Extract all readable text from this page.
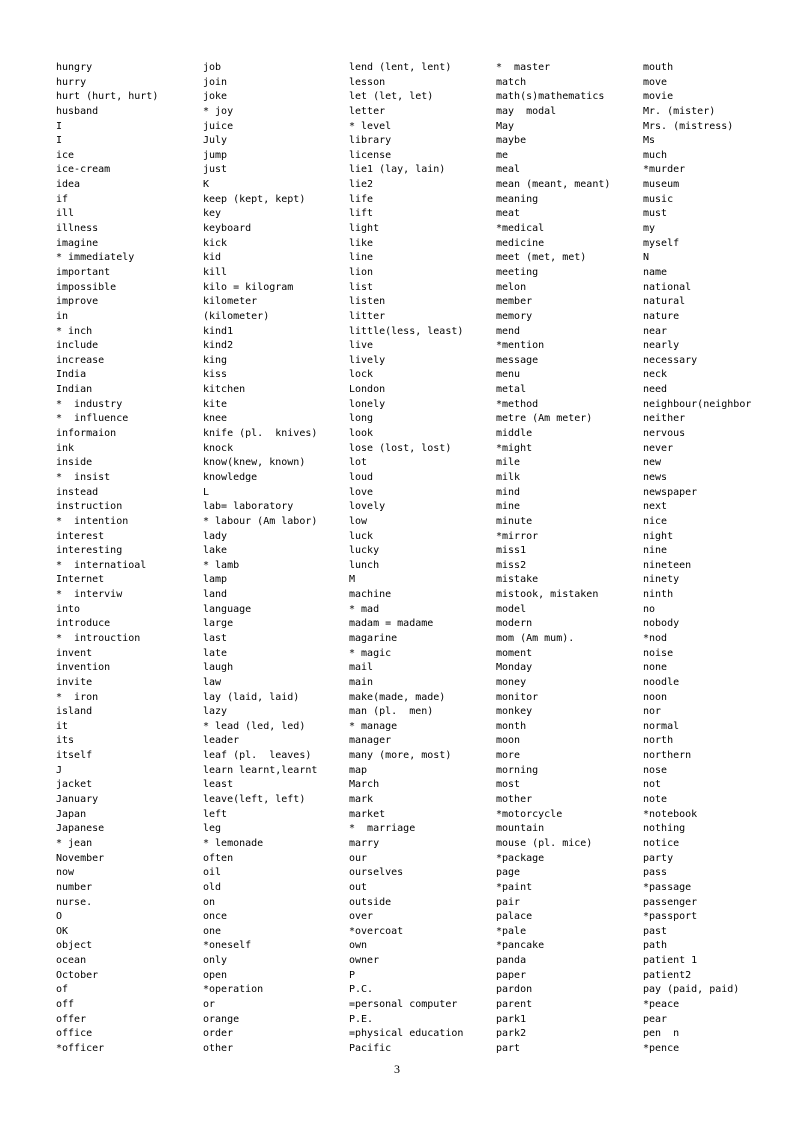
hungry
hurry
hurt (hurt, hurt)
husband
I
I
ice
ice-cream
idea
if
ill
illness
imagine
* immediately
important
impossible
improve
in
* inch
include
increase
India
Indian
*  industry
*  influence
informaion
ink
inside
*  insist
instead
instruction
*  intention
interest
interesting
*  internatioal
Internet
*  interviw
into
introduce
*  introuction
invent
invention
invite
*  iron
island
it
its
itself
J
jacket
January
Japan
Japanese
* jean
November
now
number
nurse.
O
OK
object
ocean
October
of
off
offer
office
*officer
job
join
joke
* joy
juice
July
jump
just
K
keep (kept, kept)
key
keyboard
kick
kid
kill
kilo = kilogram
kilometer
(kilometer)
kind1
kind2
king
kiss
kitchen
kite
knee
knife (pl.  knives)
knock
know(knew, known)
knowledge
L
lab= laboratory
* labour (Am labor)
lady
lake
* lamb
lamp
land
language
large
last
late
laugh
law
lay (laid, laid)
lazy
* lead (led, led)
leader
leaf (pl.  leaves)
learn learnt,learnt
least
leave(left, left)
left
leg
* lemonade
often
oil
old
on
once
one
*oneself
only
open
*operation
or
orange
order
other
lend (lent, lent)
lesson
let (let, let)
letter
* level
library
license
lie1 (lay, lain)
lie2
life
lift
light
like
line
lion
list
listen
litter
little(less, least)
live
lively
lock
London
lonely
long
look
lose (lost, lost)
lot
loud
love
lovely
low
luck
lucky
lunch
M
machine
* mad
madam = madame
magarine
* magic
mail
main
make(made, made)
man (pl.  men)
* manage
manager
many (more, most)
map
March
mark
market
*  marriage
marry
our
ourselves
out
outside
over
*overcoat
own
owner
P
P.C.
=personal computer
P.E.
=physical education
Pacific
*  master
match
math(s)mathematics
may  modal
May
maybe
me
meal
mean (meant, meant)
meaning
meat
*medical
medicine
meet (met, met)
meeting
melon
member
memory
mend
*mention
message
menu
metal
*method
metre (Am meter)
middle
*might
mile
milk
mind
mine
minute
*mirror
miss1
miss2
mistake
mistook, mistaken
model
modern
mom (Am mum).
moment
Monday
money
monitor
monkey
month
moon
more
morning
most
mother
*motorcycle
mountain
mouse (pl. mice)
*package
page
*paint
pair
palace
*pale
*pancake
panda
paper
pardon
parent
park1
park2
part
mouth
move
movie
Mr. (mister)
Mrs. (mistress)
Ms
much
*murder
museum
music
must
my
myself
N
name
national
natural
nature
near
nearly
necessary
neck
need
neighbour(neighbor
neither
nervous
never
new
news
newspaper
next
nice
night
nine
nineteen
ninety
ninth
no
nobody
*nod
noise
none
noodle
noon
nor
normal
north
northern
nose
not
note
*notebook
nothing
notice
party
pass
*passage
passenger
*passport
past
path
patient 1
patient2
pay (paid, paid)
*peace
pear
pen  n
*pence
3
